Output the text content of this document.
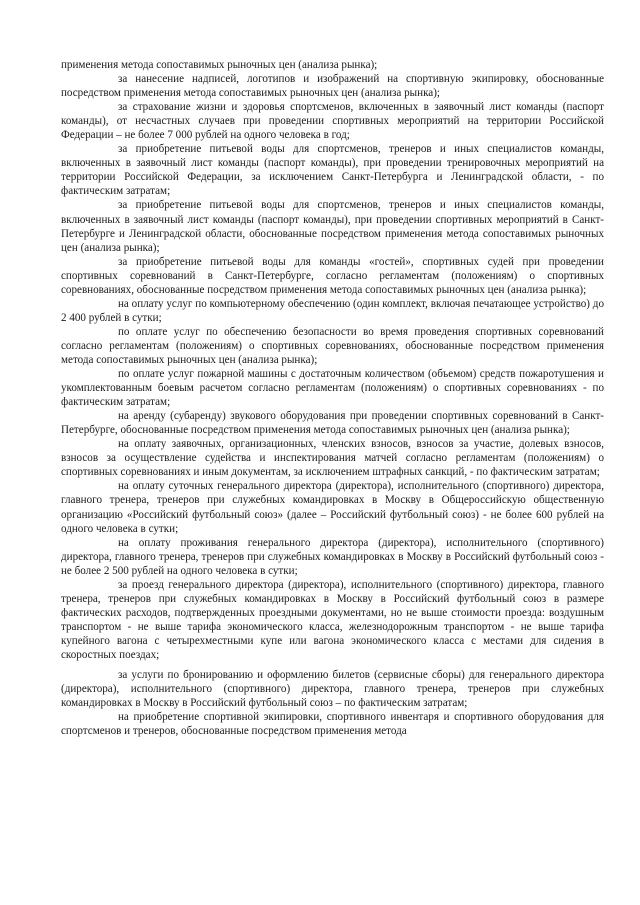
применения метода сопоставимых рыночных цен (анализа рынка);

за нанесение надписей, логотипов и изображений на спортивную экипировку, обоснованные посредством применения метода сопоставимых рыночных цен (анализа рынка);

за страхование жизни и здоровья спортсменов, включенных в заявочный лист команды (паспорт команды), от несчастных случаев при проведении спортивных мероприятий на территории Российской Федерации – не более 7 000 рублей на одного человека в год;

за приобретение питьевой воды для спортсменов, тренеров и иных специалистов команды, включенных в заявочный лист команды (паспорт команды), при проведении тренировочных мероприятий на территории Российской Федерации, за исключением Санкт-Петербурга и Ленинградской области, - по фактическим затратам;

за приобретение питьевой воды для спортсменов, тренеров и иных специалистов команды, включенных в заявочный лист команды (паспорт команды), при проведении спортивных мероприятий в Санкт-Петербурге и Ленинградской области, обоснованные посредством применения метода сопоставимых рыночных цен (анализа рынка);

за приобретение питьевой воды для команды «гостей», спортивных судей при проведении спортивных соревнований в Санкт-Петербурге, согласно регламентам (положениям) о спортивных соревнованиях, обоснованные посредством применения метода сопоставимых рыночных цен (анализа рынка);

на оплату услуг по компьютерному обеспечению (один комплект, включая печатающее устройство) до 2 400 рублей в сутки;

по оплате услуг по обеспечению безопасности во время проведения спортивных соревнований согласно регламентам (положениям) о спортивных соревнованиях, обоснованные посредством применения метода сопоставимых рыночных цен (анализа рынка);

по оплате услуг пожарной машины с достаточным количеством (объемом) средств пожаротушения и укомплектованным боевым расчетом согласно регламентам (положениям) о спортивных соревнованиях - по фактическим затратам;

на аренду (субаренду) звукового оборудования при проведении спортивных соревнований в Санкт-Петербурге, обоснованные посредством применения метода сопоставимых рыночных цен (анализа рынка);

на оплату заявочных, организационных, членских взносов, взносов за участие, долевых взносов, взносов за осуществление судейства и инспектирования матчей согласно регламентам (положениям) о спортивных соревнованиях и иным документам, за исключением штрафных санкций, - по фактическим затратам;

на оплату суточных генерального директора (директора), исполнительного (спортивного) директора, главного тренера, тренеров при служебных командировках в Москву в Общероссийскую общественную организацию «Российский футбольный союз» (далее – Российский футбольный союз) - не более 600 рублей на одного человека в сутки;

на оплату проживания генерального директора (директора), исполнительного (спортивного) директора, главного тренера, тренеров при служебных командировках в Москву в Российский футбольный союз - не более 2 500 рублей на одного человека в сутки;

за проезд генерального директора (директора), исполнительного (спортивного) директора, главного тренера, тренеров при служебных командировках в Москву в Российский футбольный союз в размере фактических расходов, подтвержденных проездными документами, но не выше стоимости проезда: воздушным транспортом - не выше тарифа экономического класса, железнодорожным транспортом - не выше тарифа купейного вагона с четырехместными купе или вагона экономического класса с местами для сидения в скоростных поездах;

за услуги по бронированию и оформлению билетов (сервисные сборы) для генерального директора (директора), исполнительного (спортивного) директора, главного тренера, тренеров при служебных командировках в Москву в Российский футбольный союз – по фактическим затратам;

на приобретение спортивной экипировки, спортивного инвентаря и спортивного оборудования для спортсменов и тренеров, обоснованные посредством применения метода
